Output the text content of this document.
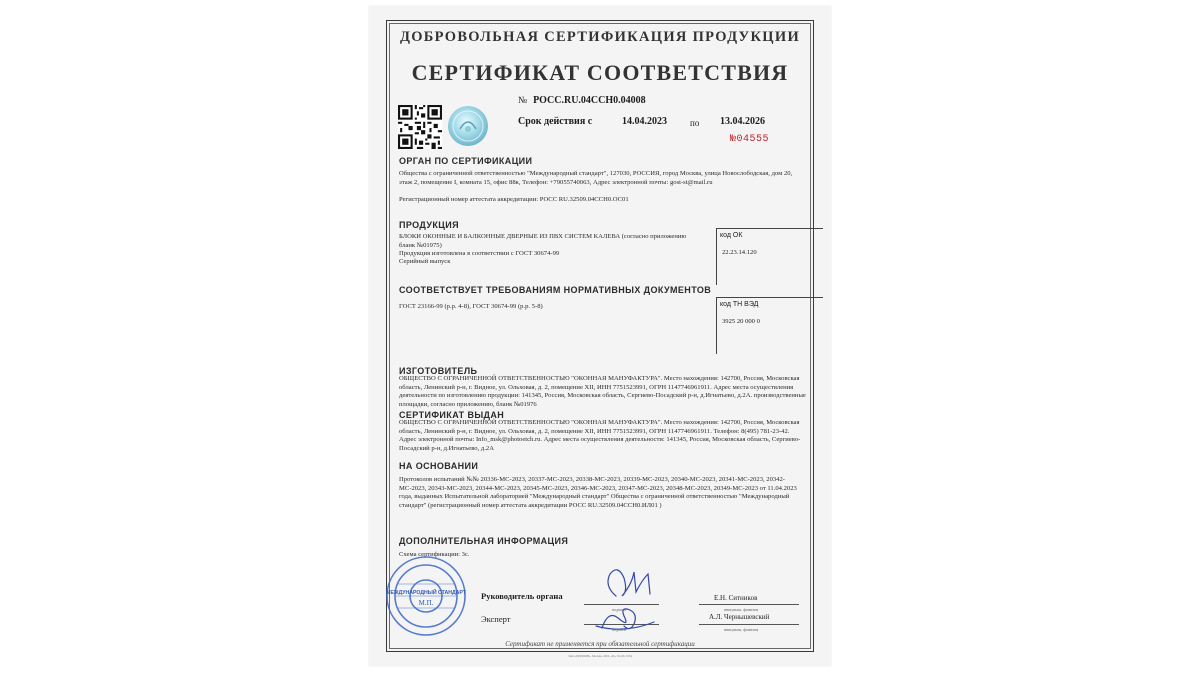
ДОБРОВОЛЬНАЯ СЕРТИФИКАЦИЯ ПРОДУКЦИИ
СЕРТИФИКАТ СООТВЕТСТВИЯ
№ РОСС.RU.04ССН0.04008
Срок действия с	14.04.2023	по 13.04.2026
№04555
ОРГАН ПО СЕРТИФИКАЦИИ
Общества с ограниченной ответственностью "Международный стандарт", 127030, РОССИЯ, город Москва, улица Новослободская, дом 20, этаж 2, помещение I, комната 15, офис 88к, Телефон: +79055740063, Адрес электронной почты: gost-st@mail.ru
Регистрационный номер аттестата аккредитации: РОСС RU.32509.04ССН0.ОС01
ПРОДУКЦИЯ
БЛОКИ ОКОННЫЕ И БАЛКОННЫЕ ДВЕРНЫЕ ИЗ ПВХ СИСТЕМ КАЛЕВА (согласно приложению бланк №01975)
Продукция изготовлена в соответствии с ГОСТ 30674-99
Серийный выпуск
код ОК
22.23.14.120
СООТВЕТСТВУЕТ ТРЕБОВАНИЯМ НОРМАТИВНЫХ ДОКУМЕНТОВ
ГОСТ 23166-99 (р.р. 4-8), ГОСТ 30674-99 (р.р. 5-8)	код ТН ВЭД
3925 20 000 0
ИЗГОТОВИТЕЛЬ
ОБЩЕСТВО С ОГРАНИЧЕННОЙ ОТВЕТСТВЕННОСТЬЮ "ОКОННАЯ МАНУФАКТУРА". Место нахождения: 142700, Россия, Московская область, Ленинский р-н, г. Видное, ул. Ольховая, д. 2, помещение XII, ИНН 7751523991, ОГРН 1147746961911. Адрес места осуществления деятельности по изготовлению продукции: 141345, Россия, Московская область, Сергиево-Посадский р-н, д.Игнатьево, д.2А. производственные площадки, согласно приложению, бланк №01976
СЕРТИФИКАТ ВЫДАН
ОБЩЕСТВО С ОГРАНИЧЕННОЙ ОТВЕТСТВЕННОСТЬЮ "ОКОННАЯ МАНУФАКТУРА". Место нахождения: 142700, Россия, Московская область, Ленинский р-н, г. Видное, ул. Ольховая, д. 2, помещение XII, ИНН 7751523991, ОГРН 1147746961911. Телефон: 8(495) 781-23-42. Адрес электронной почты: Info_msk@photoetch.ru. Адрес места осуществления деятельности: 141345, Россия, Московская область, Сергиево-Посадский р-н, д.Игнатьево, д.2А
НА ОСНОВАНИИ
Протоколов испытаний №№ 20336-МС-2023, 20337-МС-2023, 20338-МС-2023, 20339-МС-2023, 20340-МС-2023, 20341-МС-2023, 20342-МС-2023, 20343-МС-2023, 20344-МС-2023, 20345-МС-2023, 20346-МС-2023, 20347-МС-2023, 20348-МС-2023, 20349-МС-2023 от 11.04.2023 года, выданных Испытательной лабораторией "Международный стандарт" Общества с ограниченной ответственностью "Международный стандарт" (регистрационный номер аттестата аккредитации РОСС RU.32509.04ССН0.ИЛ01 )
ДОПОЛНИТЕЛЬНАЯ ИНФОРМАЦИЯ
Схема сертификации: 3с.
МЕЖДУНАРОДНЫЙ СТАНДАРТ
М.П.
Руководитель органа
подпись
Е.Н. Ситников
инициалы, фамилия
Эксперт
подпись
А.Л. Чернышевский
инициалы, фамилия
Сертификат не применяется при обязательной сертификации
ЗАО «ОПЦИОН», Москва, 2022, «Б», Тел.№ 1034
